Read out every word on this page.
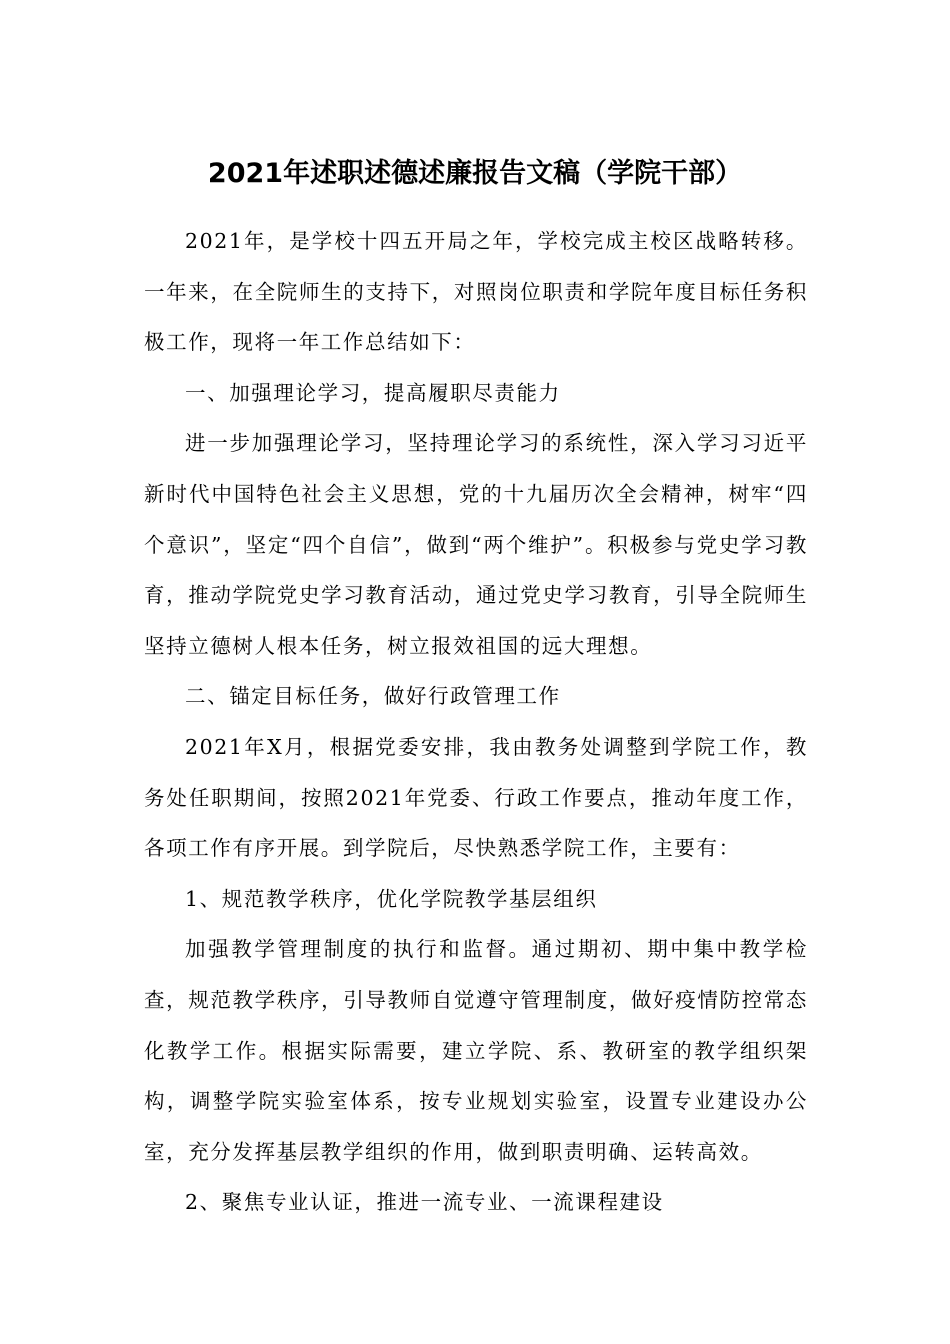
2021年述职述德述廉报告文稿（学院干部）

2021年，是学校十四五开局之年，学校完成主校区战略转移。一年来，在全院师生的支持下，对照岗位职责和学院年度目标任务积极工作，现将一年工作总结如下：

一、加强理论学习，提高履职尽责能力

进一步加强理论学习，坚持理论学习的系统性，深入学习习近平新时代中国特色社会主义思想，党的十九届历次全会精神，树牢“四个意识”，坚定“四个自信”，做到“两个维护”。积极参与党史学习教育，推动学院党史学习教育活动，通过党史学习教育，引导全院师生坚持立德树人根本任务，树立报效祖国的远大理想。

二、锚定目标任务，做好行政管理工作

2021年X月，根据党委安排，我由教务处调整到学院工作，教务处任职期间，按照2021年党委、行政工作要点，推动年度工作，各项工作有序开展。到学院后，尽快熟悉学院工作，主要有：

1、规范教学秩序，优化学院教学基层组织

加强教学管理制度的执行和监督。通过期初、期中集中教学检查，规范教学秩序，引导教师自觉遵守管理制度，做好疫情防控常态化教学工作。根据实际需要，建立学院、系、教研室的教学组织架构，调整学院实验室体系，按专业规划实验室，设置专业建设办公室，充分发挥基层教学组织的作用，做到职责明确、运转高效。

2、聚焦专业认证，推进一流专业、一流课程建设
